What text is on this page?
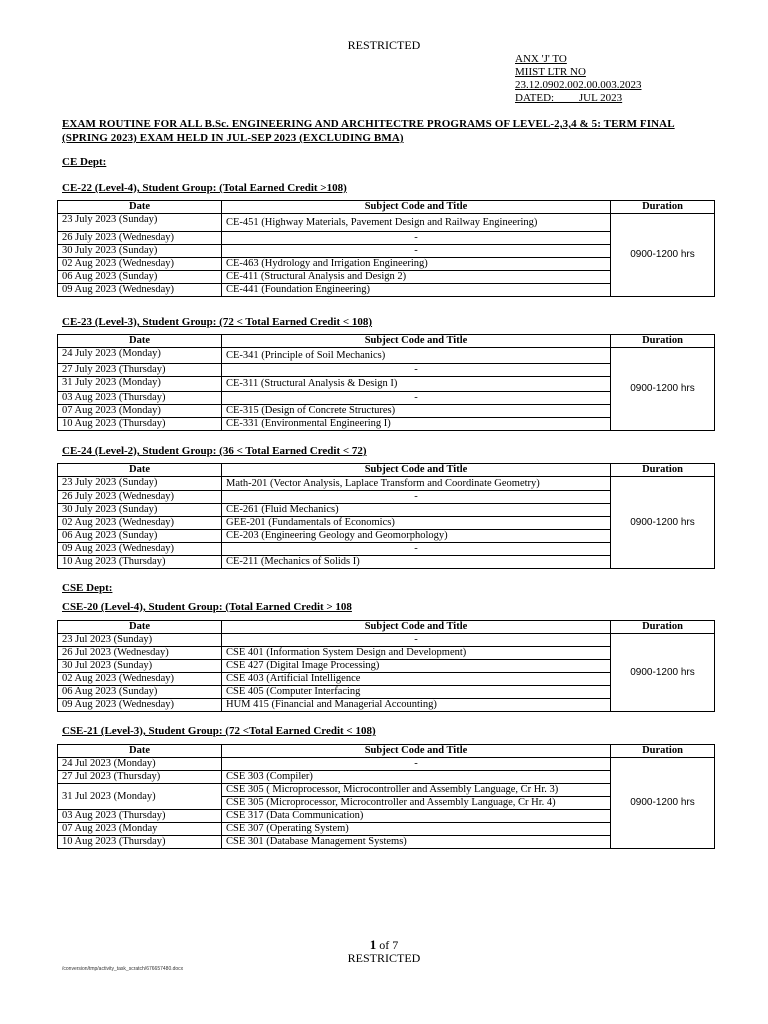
RESTRICTED
ANX 'J' TO
MIIST LTR NO
23.12.0902.002.00.003.2023
DATED:         JUL 2023
EXAM ROUTINE FOR ALL B.Sc. ENGINEERING AND ARCHITECTRE PROGRAMS OF LEVEL-2,3,4 & 5: TERM FINAL (SPRING 2023) EXAM HELD IN JUL-SEP 2023 (EXCLUDING BMA)
CE Dept:
CE-22 (Level-4), Student Group: (Total Earned Credit >108)
Date	Subject Code and Title	Duration
23 July 2023 (Sunday)	CE-451 (Highway Materials, Pavement Design and Railway Engineering)	0900-1200 hrs
26 July 2023 (Wednesday)	-	
30 July 2023 (Sunday)	-	
02 Aug 2023 (Wednesday)	CE-463 (Hydrology and Irrigation Engineering)	
06 Aug 2023 (Sunday)	CE-411 (Structural Analysis and Design 2)	
09 Aug 2023 (Wednesday)	CE-441 (Foundation Engineering)	
CE-23 (Level-3), Student Group: (72 < Total Earned Credit < 108)
Date	Subject Code and Title	Duration
24 July 2023 (Monday)	CE-341 (Principle of Soil Mechanics)	0900-1200 hrs
27 July 2023 (Thursday)	-	
31 July 2023 (Monday)	CE-311 (Structural Analysis & Design I)	
03 Aug 2023 (Thursday)	-	
07 Aug 2023 (Monday)	CE-315 (Design of Concrete Structures)	
10 Aug 2023 (Thursday)	CE-331 (Environmental Engineering I)	
CE-24 (Level-2), Student Group: (36 < Total Earned Credit < 72)
Date	Subject Code and Title	Duration
23 July 2023 (Sunday)	Math-201 (Vector Analysis, Laplace Transform and Coordinate Geometry)	0900-1200 hrs
26 July 2023 (Wednesday)	-	
30 July 2023 (Sunday)	CE-261 (Fluid Mechanics)	
02 Aug 2023 (Wednesday)	GEE-201 (Fundamentals of Economics)	
06 Aug 2023 (Sunday)	CE-203 (Engineering Geology and Geomorphology)	
09 Aug 2023 (Wednesday)	-	
10 Aug 2023 (Thursday)	CE-211 (Mechanics of Solids I)	
CSE Dept:
CSE-20 (Level-4), Student Group: (Total Earned Credit > 108
Date	Subject Code and Title	Duration
23 Jul 2023 (Sunday)	-	0900-1200 hrs
26 Jul 2023 (Wednesday)	CSE 401 (Information System Design and Development)	
30 Jul 2023 (Sunday)	CSE 427 (Digital Image Processing)	
02 Aug 2023 (Wednesday)	CSE 403 (Artificial Intelligence	
06 Aug 2023 (Sunday)	CSE 405 (Computer Interfacing	
09 Aug 2023 (Wednesday)	HUM 415 (Financial and Managerial Accounting)	
CSE-21 (Level-3), Student Group: (72 <Total Earned Credit < 108)
Date	Subject Code and Title	Duration
24 Jul 2023 (Monday)	-	0900-1200 hrs
27 Jul 2023 (Thursday)	CSE 303 (Compiler)	
31 Jul 2023 (Monday)	CSE 305 ( Microprocessor, Microcontroller and Assembly Language, Cr Hr. 3)	
	CSE 305 (Microprocessor, Microcontroller and Assembly Language, Cr Hr. 4)	
03 Aug 2023 (Thursday)	CSE 317 (Data Communication)	
07 Aug 2023 (Monday	CSE 307 (Operating System)	
10 Aug 2023 (Thursday)	CSE 301 (Database Management Systems)	
1 of 7
RESTRICTED
/conversion/tmp/activity_task_scratch/676657480.docx
